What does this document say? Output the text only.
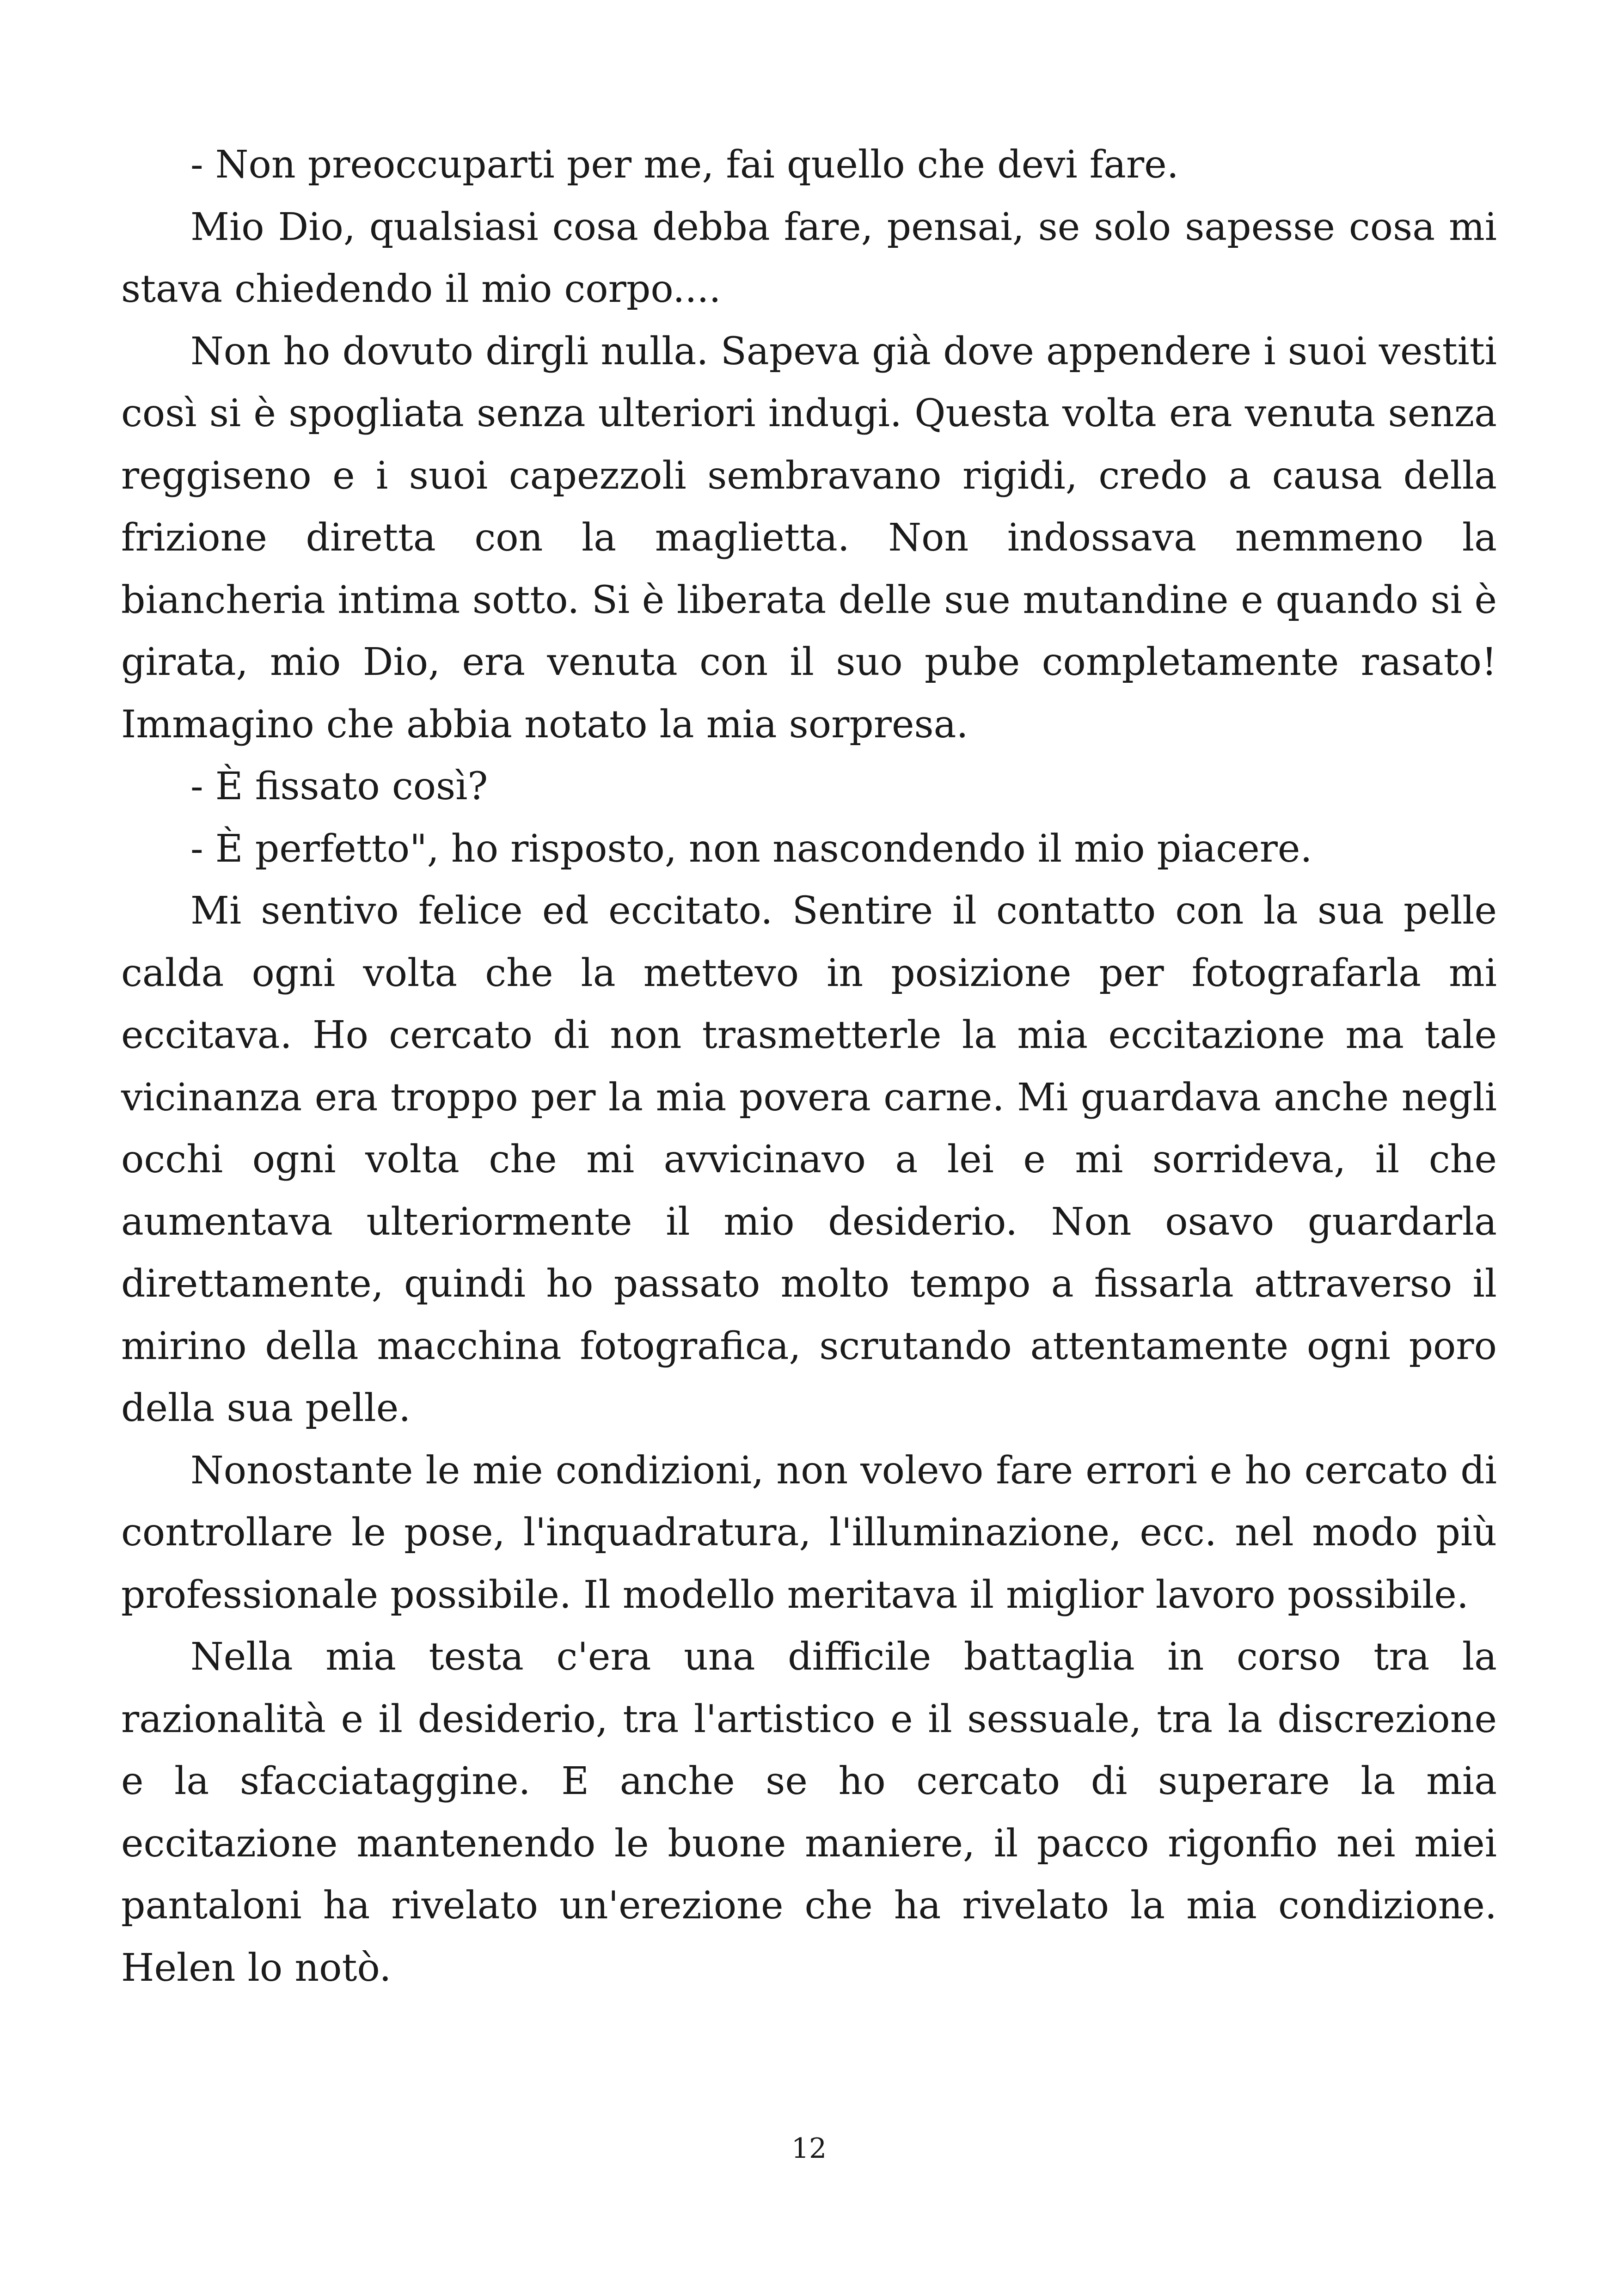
- Non preoccuparti per me, fai quello che devi fare.

Mio Dio, qualsiasi cosa debba fare, pensai, se solo sapesse cosa mi stava chiedendo il mio corpo....

Non ho dovuto dirgli nulla. Sapeva già dove appendere i suoi vestiti così si è spogliata senza ulteriori indugi. Questa volta era venuta senza reggiseno e i suoi capezzoli sembravano rigidi, credo a causa della frizione diretta con la maglietta. Non indossava nemmeno la biancheria intima sotto. Si è liberata delle sue mutandine e quando si è girata, mio Dio, era venuta con il suo pube completamente rasato! Immagino che abbia notato la mia sorpresa.

- È fissato così?

- È perfetto", ho risposto, non nascondendo il mio piacere.

Mi sentivo felice ed eccitato. Sentire il contatto con la sua pelle calda ogni volta che la mettevo in posizione per fotografarla mi eccitava. Ho cercato di non trasmetterle la mia eccitazione ma tale vicinanza era troppo per la mia povera carne. Mi guardava anche negli occhi ogni volta che mi avvicinavo a lei e mi sorrideva, il che aumentava ulteriormente il mio desiderio. Non osavo guardarla direttamente, quindi ho passato molto tempo a fissarla attraverso il mirino della macchina fotografica, scrutando attentamente ogni poro della sua pelle.

Nonostante le mie condizioni, non volevo fare errori e ho cercato di controllare le pose, l'inquadratura, l'illuminazione, ecc. nel modo più professionale possibile. Il modello meritava il miglior lavoro possibile.

Nella mia testa c'era una difficile battaglia in corso tra la razionalità e il desiderio, tra l'artistico e il sessuale, tra la discrezione e la sfacciataggine. E anche se ho cercato di superare la mia eccitazione mantenendo le buone maniere, il pacco rigonfio nei miei pantaloni ha rivelato un'erezione che ha rivelato la mia condizione. Helen lo notò.

12
